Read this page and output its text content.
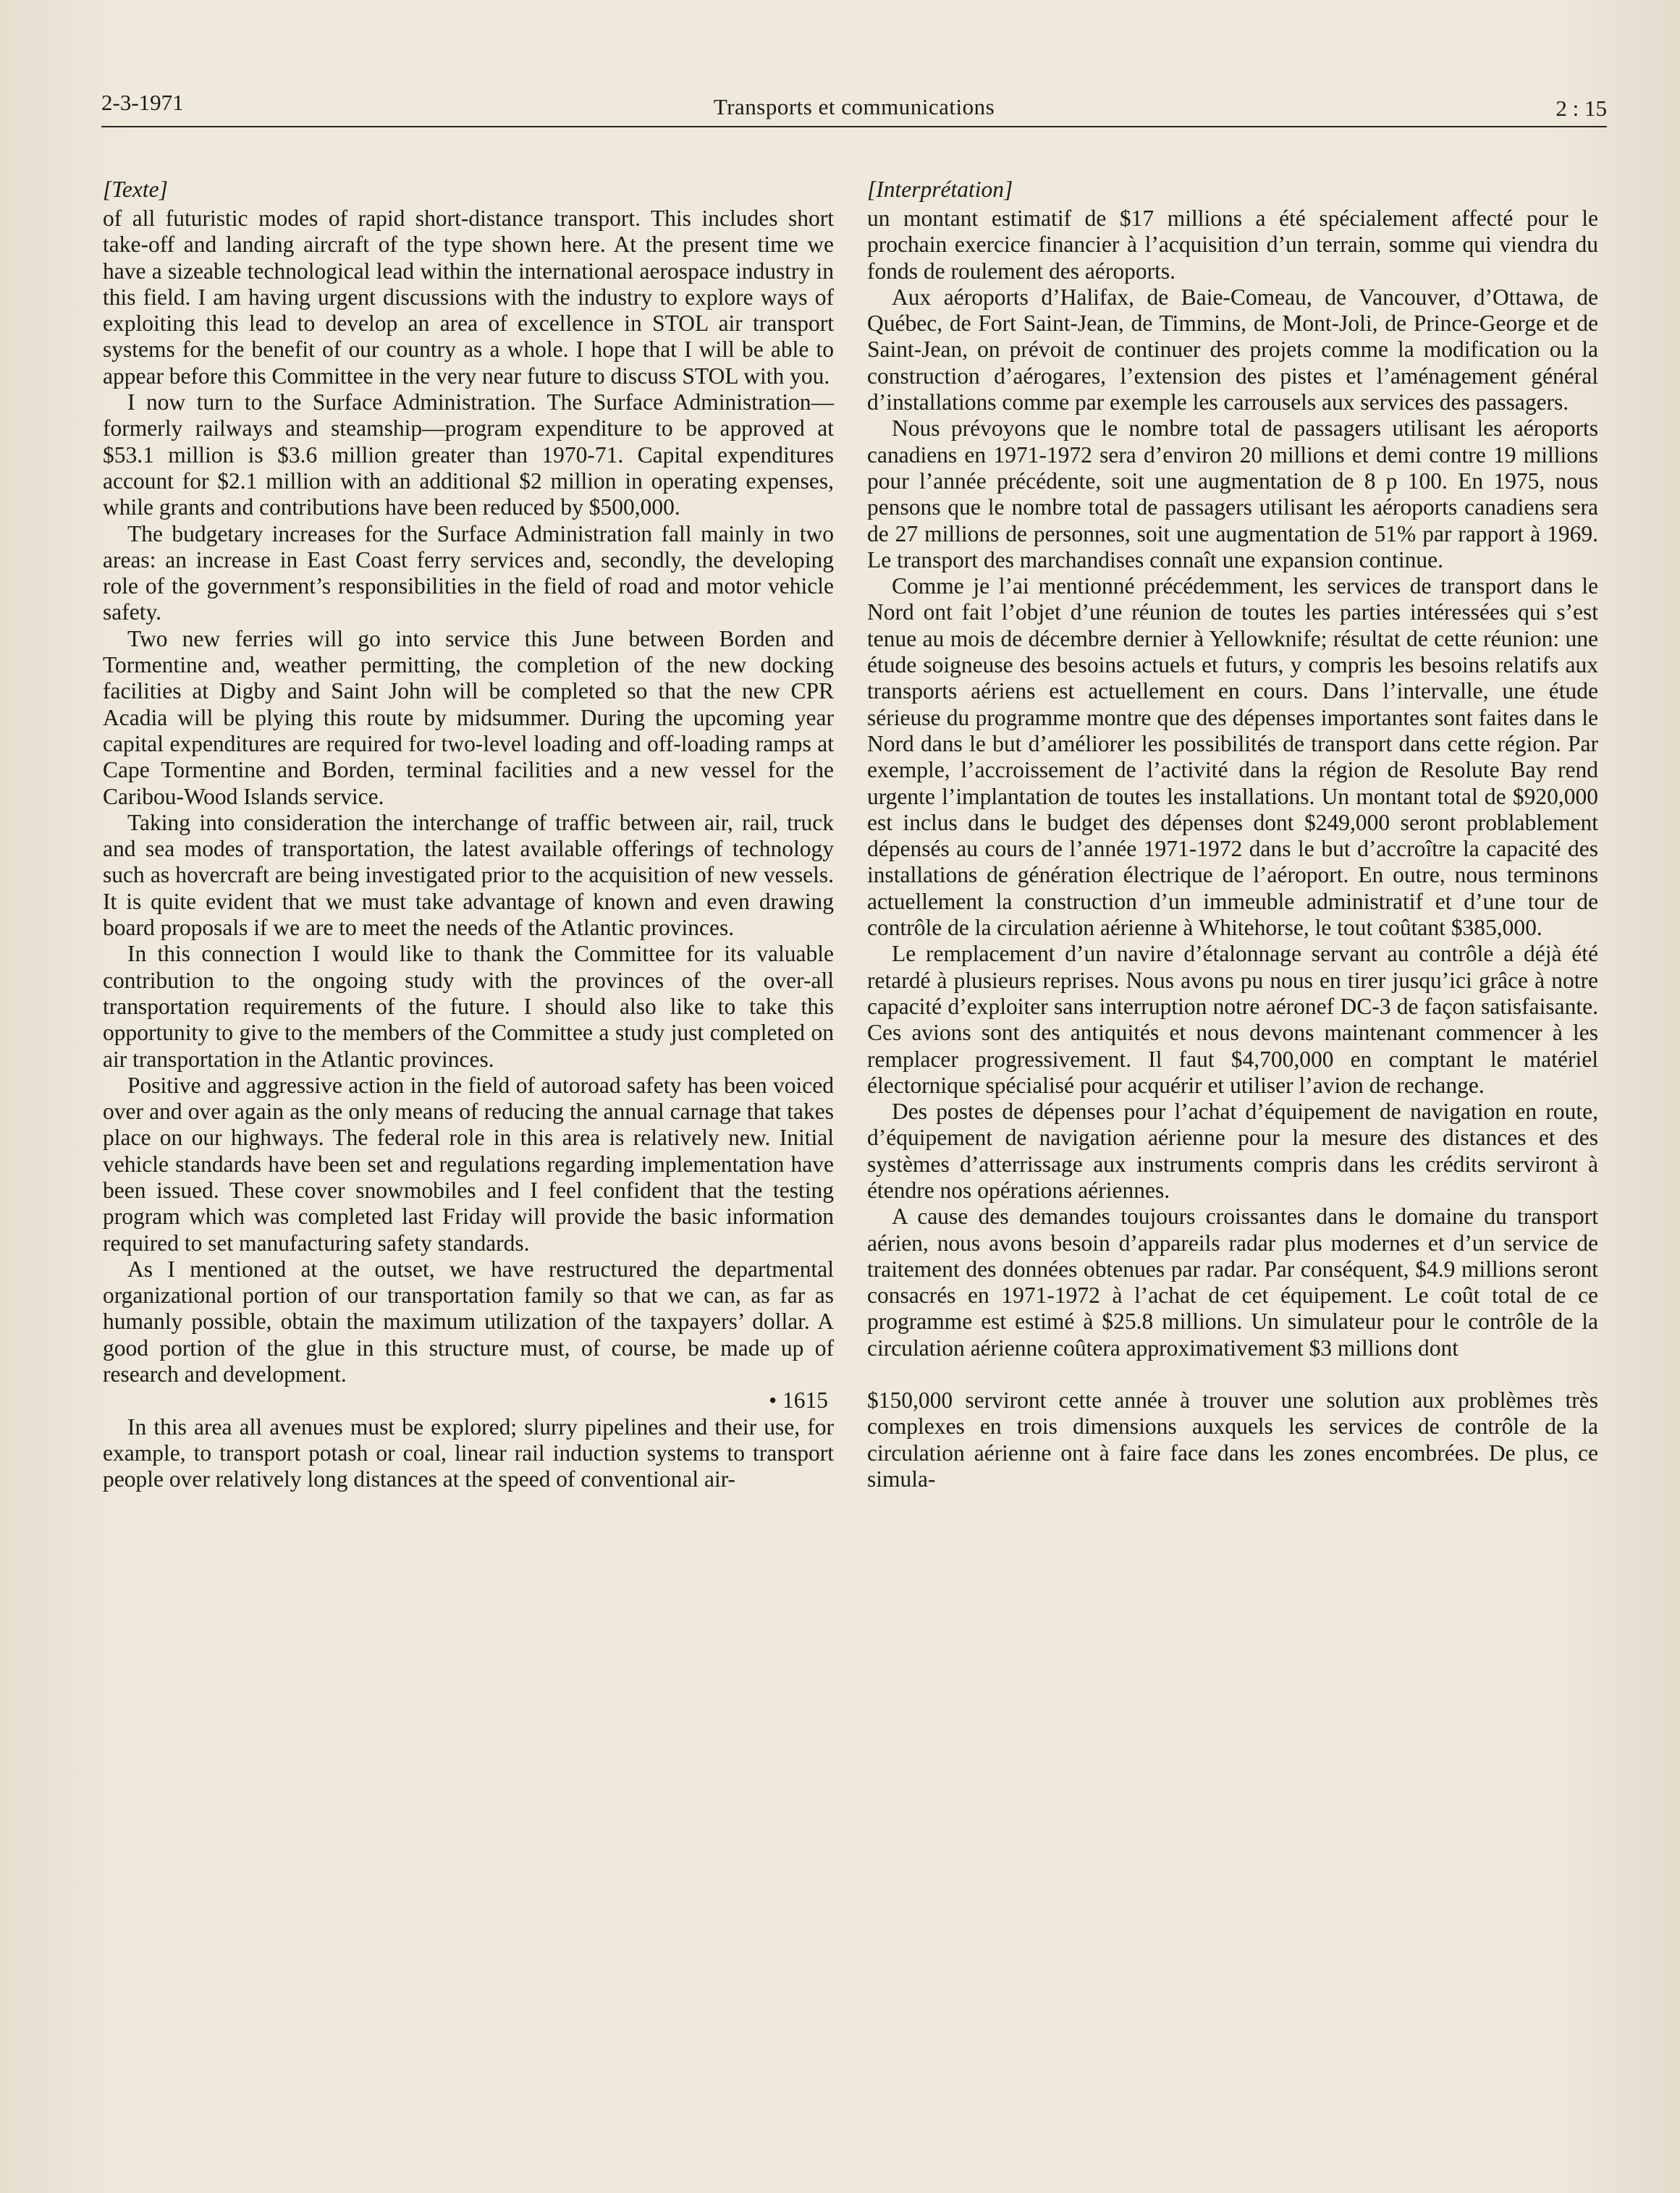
2-3-1971	Transports et communications	2 : 15
[Texte]

of all futuristic modes of rapid short-distance transport. This includes short take-off and landing aircraft of the type shown here. At the present time we have a sizeable technological lead within the international aerospace industry in this field. I am having urgent discussions with the industry to explore ways of exploiting this lead to develop an area of excellence in STOL air transport systems for the benefit of our country as a whole. I hope that I will be able to appear before this Committee in the very near future to discuss STOL with you.

I now turn to the Surface Administration. The Surface Administration—formerly railways and steamship—program expenditure to be approved at $53.1 million is $3.6 million greater than 1970-71. Capital expenditures account for $2.1 million with an additional $2 million in operating expenses, while grants and contributions have been reduced by $500,000.

The budgetary increases for the Surface Administration fall mainly in two areas: an increase in East Coast ferry services and, secondly, the developing role of the government’s responsibilities in the field of road and motor vehicle safety.

Two new ferries will go into service this June between Borden and Tormentine and, weather permitting, the completion of the new docking facilities at Digby and Saint John will be completed so that the new CPR Acadia will be plying this route by midsummer. During the upcoming year capital expenditures are required for two-level loading and off-loading ramps at Cape Tormentine and Borden, terminal facilities and a new vessel for the Caribou-Wood Islands service.

Taking into consideration the interchange of traffic between air, rail, truck and sea modes of transportation, the latest available offerings of technology such as hovercraft are being investigated prior to the acquisition of new vessels. It is quite evident that we must take advantage of known and even drawing board proposals if we are to meet the needs of the Atlantic provinces.

In this connection I would like to thank the Committee for its valuable contribution to the ongoing study with the provinces of the over-all transportation requirements of the future. I should also like to take this opportunity to give to the members of the Committee a study just completed on air transportation in the Atlantic provinces.

Positive and aggressive action in the field of autoroad safety has been voiced over and over again as the only means of reducing the annual carnage that takes place on our highways. The federal role in this area is relatively new. Initial vehicle standards have been set and regulations regarding implementation have been issued. These cover snowmobiles and I feel confident that the testing program which was completed last Friday will provide the basic information required to set manufacturing safety standards.

As I mentioned at the outset, we have restructured the departmental organizational portion of our transportation family so that we can, as far as humanly possible, obtain the maximum utilization of the taxpayers’ dollar. A good portion of the glue in this structure must, of course, be made up of research and development.

• 1615

In this area all avenues must be explored; slurry pipelines and their use, for example, to transport potash or coal, linear rail induction systems to transport people over relatively long distances at the speed of conventional air-

[Interprétation]

un montant estimatif de $17 millions a été spécialement affecté pour le prochain exercice financier à l’acquisition d’un terrain, somme qui viendra du fonds de roulement des aéroports.

Aux aéroports d’Halifax, de Baie-Comeau, de Vancouver, d’Ottawa, de Québec, de Fort Saint-Jean, de Timmins, de Mont-Joli, de Prince-George et de Saint-Jean, on prévoit de continuer des projets comme la modification ou la construction d’aérogares, l’extension des pistes et l’aménagement général d’installations comme par exemple les carrousels aux services des passagers.

Nous prévoyons que le nombre total de passagers utilisant les aéroports canadiens en 1971-1972 sera d’environ 20 millions et demi contre 19 millions pour l’année précédente, soit une augmentation de 8 p 100. En 1975, nous pensons que le nombre total de passagers utilisant les aéroports canadiens sera de 27 millions de personnes, soit une augmentation de 51% par rapport à 1969. Le transport des marchandises connaît une expansion continue.

Comme je l’ai mentionné précédemment, les services de transport dans le Nord ont fait l’objet d’une réunion de toutes les parties intéressées qui s’est tenue au mois de décembre dernier à Yellowknife; résultat de cette réunion: une étude soigneuse des besoins actuels et futurs, y compris les besoins relatifs aux transports aériens est actuellement en cours. Dans l’intervalle, une étude sérieuse du programme montre que des dépenses importantes sont faites dans le Nord dans le but d’améliorer les possibilités de transport dans cette région. Par exemple, l’accroissement de l’activité dans la région de Resolute Bay rend urgente l’implantation de toutes les installations. Un montant total de $920,000 est inclus dans le budget des dépenses dont $249,000 seront problablement dépensés au cours de l’année 1971-1972 dans le but d’accroître la capacité des installations de génération électrique de l’aéroport. En outre, nous terminons actuellement la construction d’un immeuble administratif et d’une tour de contrôle de la circulation aérienne à Whitehorse, le tout coûtant $385,000.

Le remplacement d’un navire d’étalonnage servant au contrôle a déjà été retardé à plusieurs reprises. Nous avons pu nous en tirer jusqu’ici grâce à notre capacité d’exploiter sans interruption notre aéronef DC-3 de façon satisfaisante. Ces avions sont des antiquités et nous devons maintenant commencer à les remplacer progressivement. Il faut $4,700,000 en comptant le matériel électornique spécialisé pour acquérir et utiliser l’avion de rechange.

Des postes de dépenses pour l’achat d’équipement de navigation en route, d’équipement de navigation aérienne pour la mesure des distances et des systèmes d’atterrissage aux instruments compris dans les crédits serviront à étendre nos opérations aériennes.

A cause des demandes toujours croissantes dans le domaine du transport aérien, nous avons besoin d’appareils radar plus modernes et d’un service de traitement des données obtenues par radar. Par conséquent, $4.9 millions seront consacrés en 1971-1972 à l’achat de cet équipement. Le coût total de ce programme est estimé à $25.8 millions. Un simulateur pour le contrôle de la circulation aérienne coûtera approximativement $3 millions dont

$150,000 serviront cette année à trouver une solution aux problèmes très complexes en trois dimensions auxquels les services de contrôle de la circulation aérienne ont à faire face dans les zones encombrées. De plus, ce simula-
